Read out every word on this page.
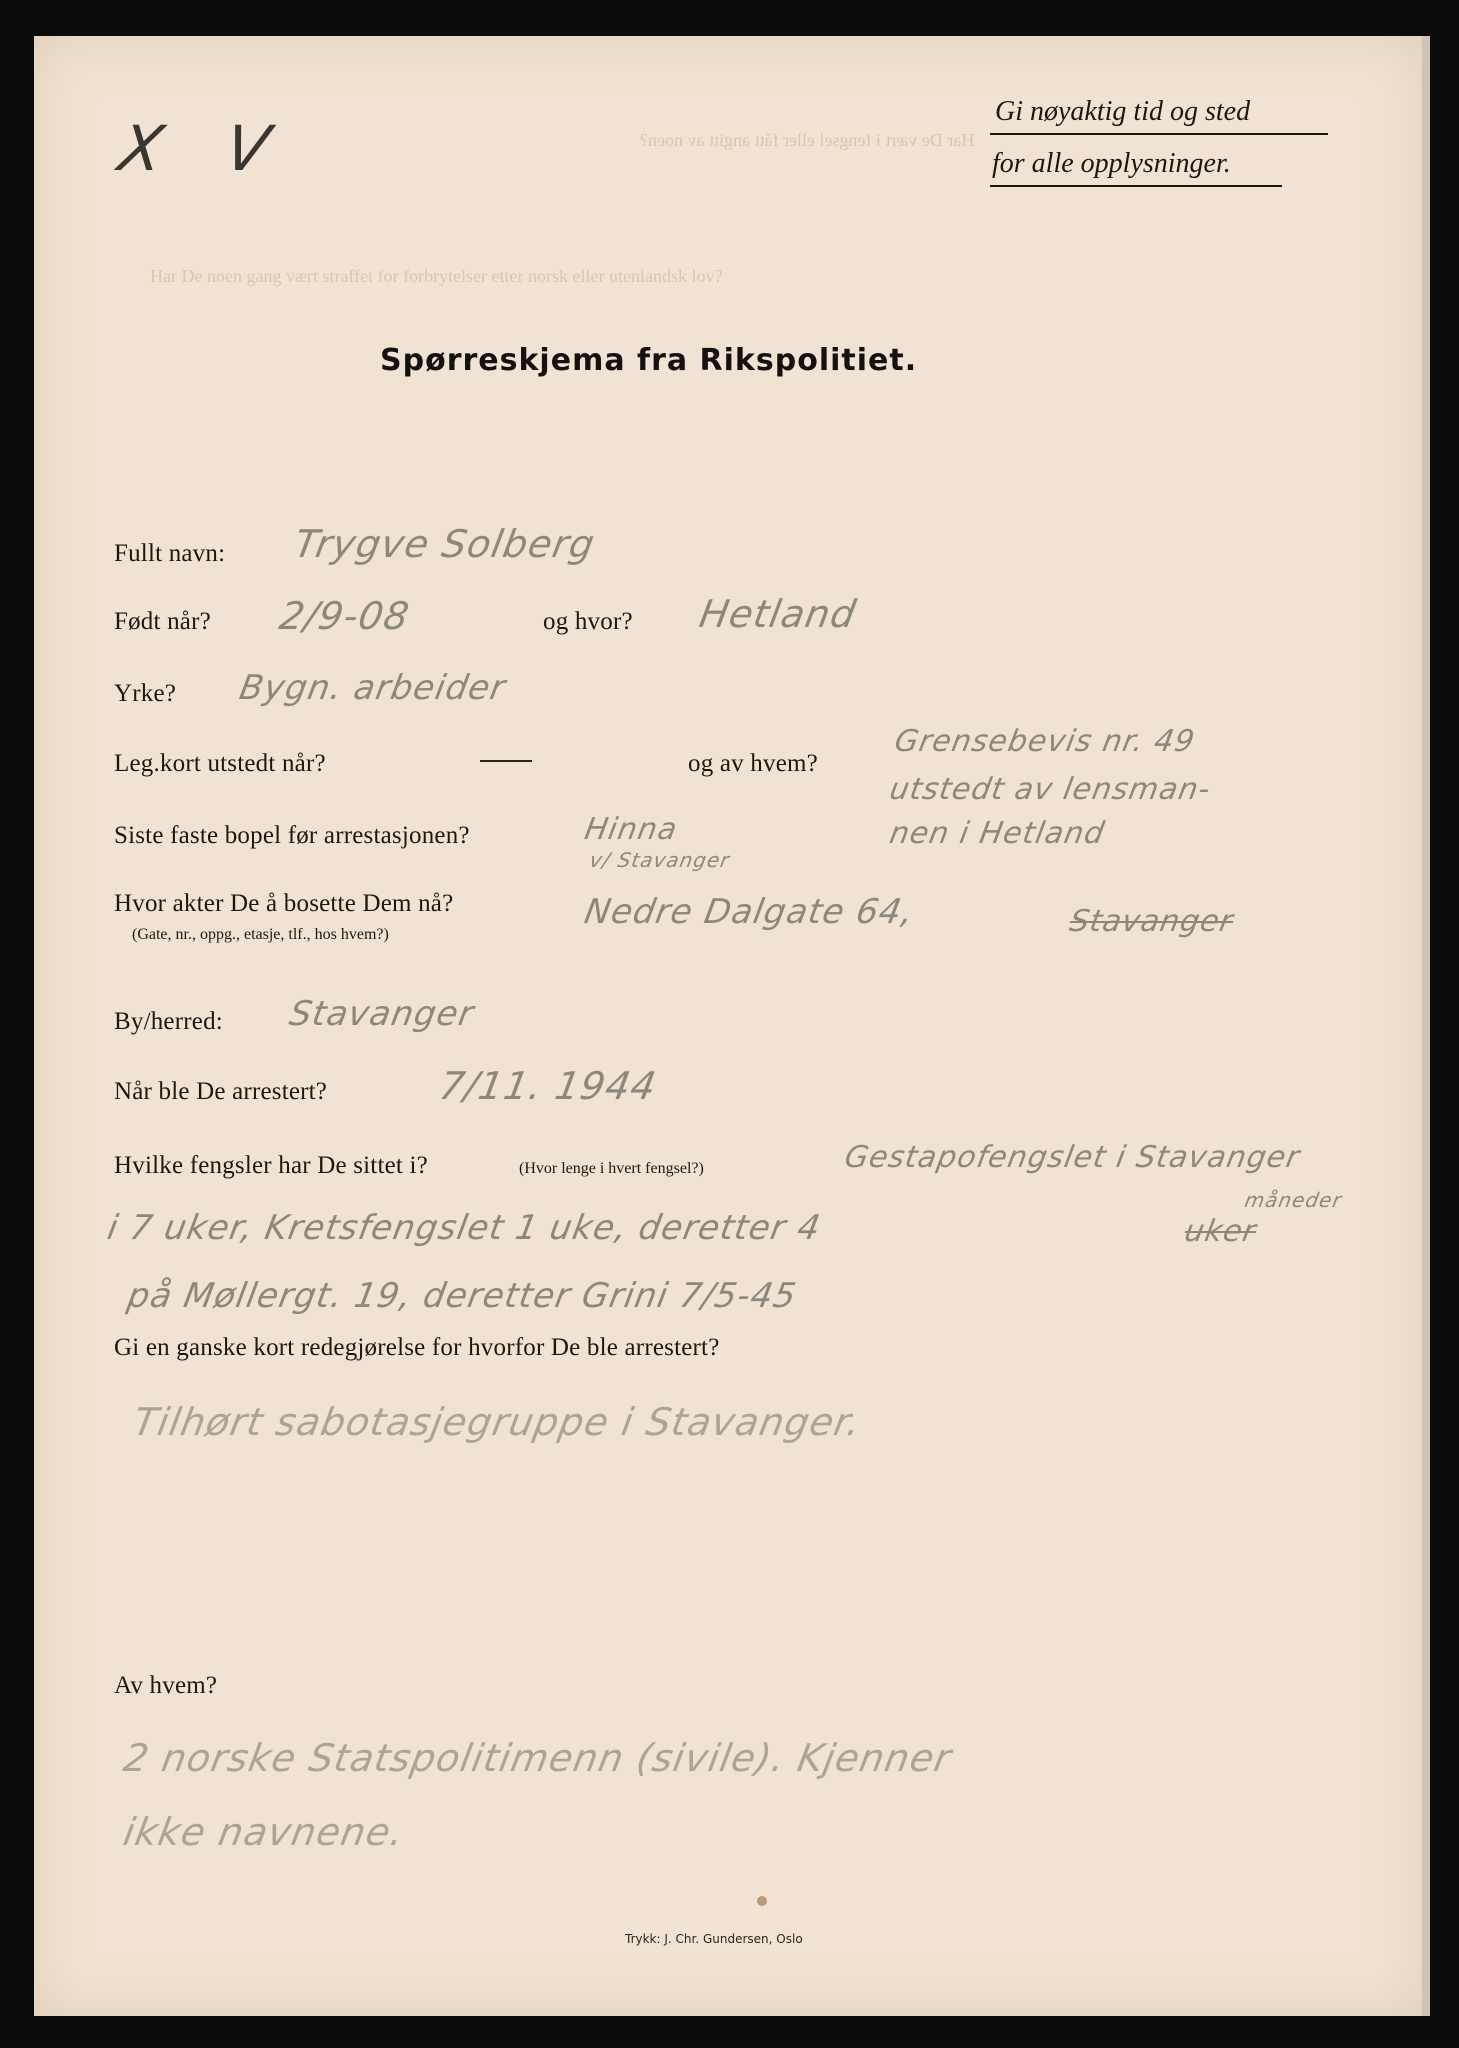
Har De vært i fengsel eller fått angitt av noen?
Har De noen gang vært straffet for forbrytelser etter norsk eller utenlandsk lov?
X V
Gi nøyaktig tid og sted
for alle opplysninger.
Spørreskjema fra Rikspolitiet.
Fullt navn: Trygve Solberg
Født når? 2/9-08	og hvor? Hetland
Yrke? Bygn. arbeider
Leg.kort utstedt når?	og av hvem?
Grensebevis nr. 49
utstedt av lensman-
nen i Hetland
Siste faste bopel før arrestasjonen?	Hinna
v/ Stavanger
Hvor akter De å bosette Dem nå?
(Gate, nr., oppg., etasje, tlf., hos hvem?)
Nedre Dalgate 64,	Stavanger
By/herred: Stavanger
Når ble De arrestert?	7/11. 1944
Hvilke fengsler har De sittet i?	(Hvor lenge i hvert fengsel?)	Gestapofengslet i Stavanger
måneder
i 7 uker, Kretsfengslet 1 uke, deretter 4	uker
på Møllergt. 19, deretter Grini 7/5-45
Gi en ganske kort redegjørelse for hvorfor De ble arrestert?
Tilhørt sabotasjegruppe i Stavanger.
Av hvem?
2 norske Statspolitimenn (sivile). Kjenner
ikke navnene.
Trykk: J. Chr. Gundersen, Oslo
